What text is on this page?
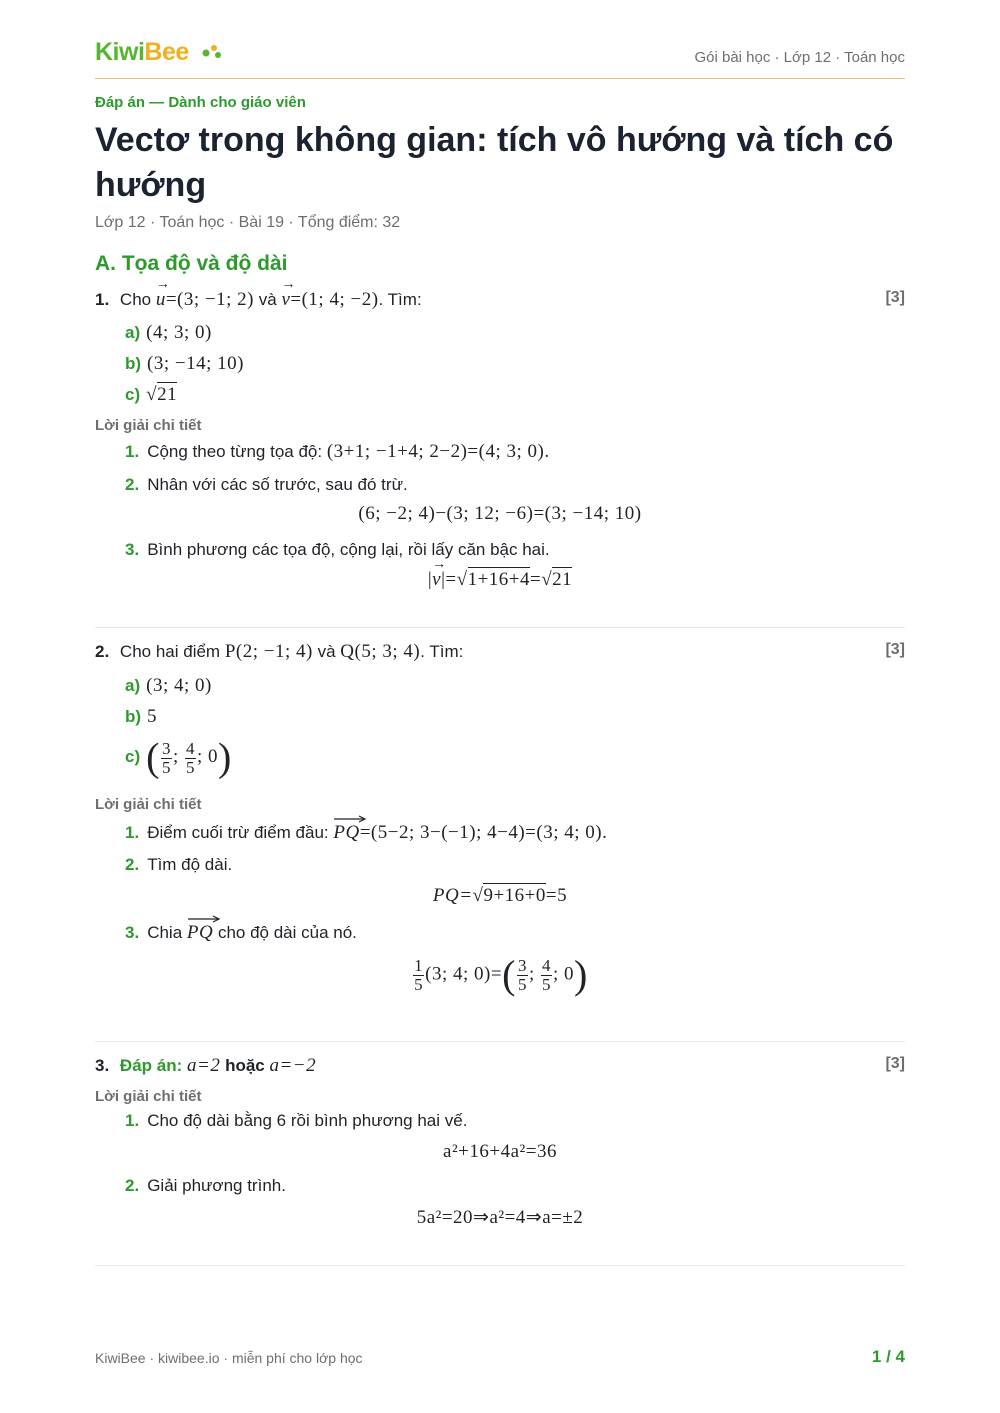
KiwiBee	Gói bài học · Lớp 12 · Toán học
Đáp án — Dành cho giáo viên
Vectơ trong không gian: tích vô hướng và tích có hướng
Lớp 12 · Toán học · Bài 19 · Tổng điểm: 32
A. Tọa độ và độ dài
1. Cho → u=(3; −1; 2) và → v=(1; 4; −2). Tìm:	[3]
a) (4; 3; 0)
b) (3; −14; 10)
c) √21
Lời giải chi tiết
1. Cộng theo từng tọa độ: (3+1; −1+4; 2−2)=(4; 3; 0).
2. Nhân với các số trước, sau đó trừ.
(6; −2; 4)−(3; 12; −6)=(3; −14; 10)
3. Bình phương các tọa độ, cộng lại, rồi lấy căn bậc hai.
|→ v|=√1+16+4=√21
2. Cho hai điểm P(2; −1; 4) và Q(5; 3; 4). Tìm:	[3]
a) (3; 4; 0)
b) 5
c) ( $\frac{3}{5}$ ; $\frac{4}{5}$ ; 0)
Lời giải chi tiết
1. Điểm cuối trừ điểm đầu: PQ=(5−2; 3−(−1); 4−4)=(3; 4; 0).
2. Tìm độ dài.
PQ=√9+16+0=5
3. Chia PQ cho độ dài của nó.
$\frac{1}{5} (3$; 4; $0)=( \frac{3}{5}$ ; $\frac{4}{5}$ ; 0)
3. Đáp án: a=2 hoặc a=−2	[3]
Lời giải chi tiết
1. Cho độ dài bằng 6 rồi bình phương hai vế.
a²+16+4a²=36
2. Giải phương trình.
5a²=20⇒a²=4⇒a=±2
KiwiBee · kiwibee.io · miễn phí cho lớp học	1 / 4
